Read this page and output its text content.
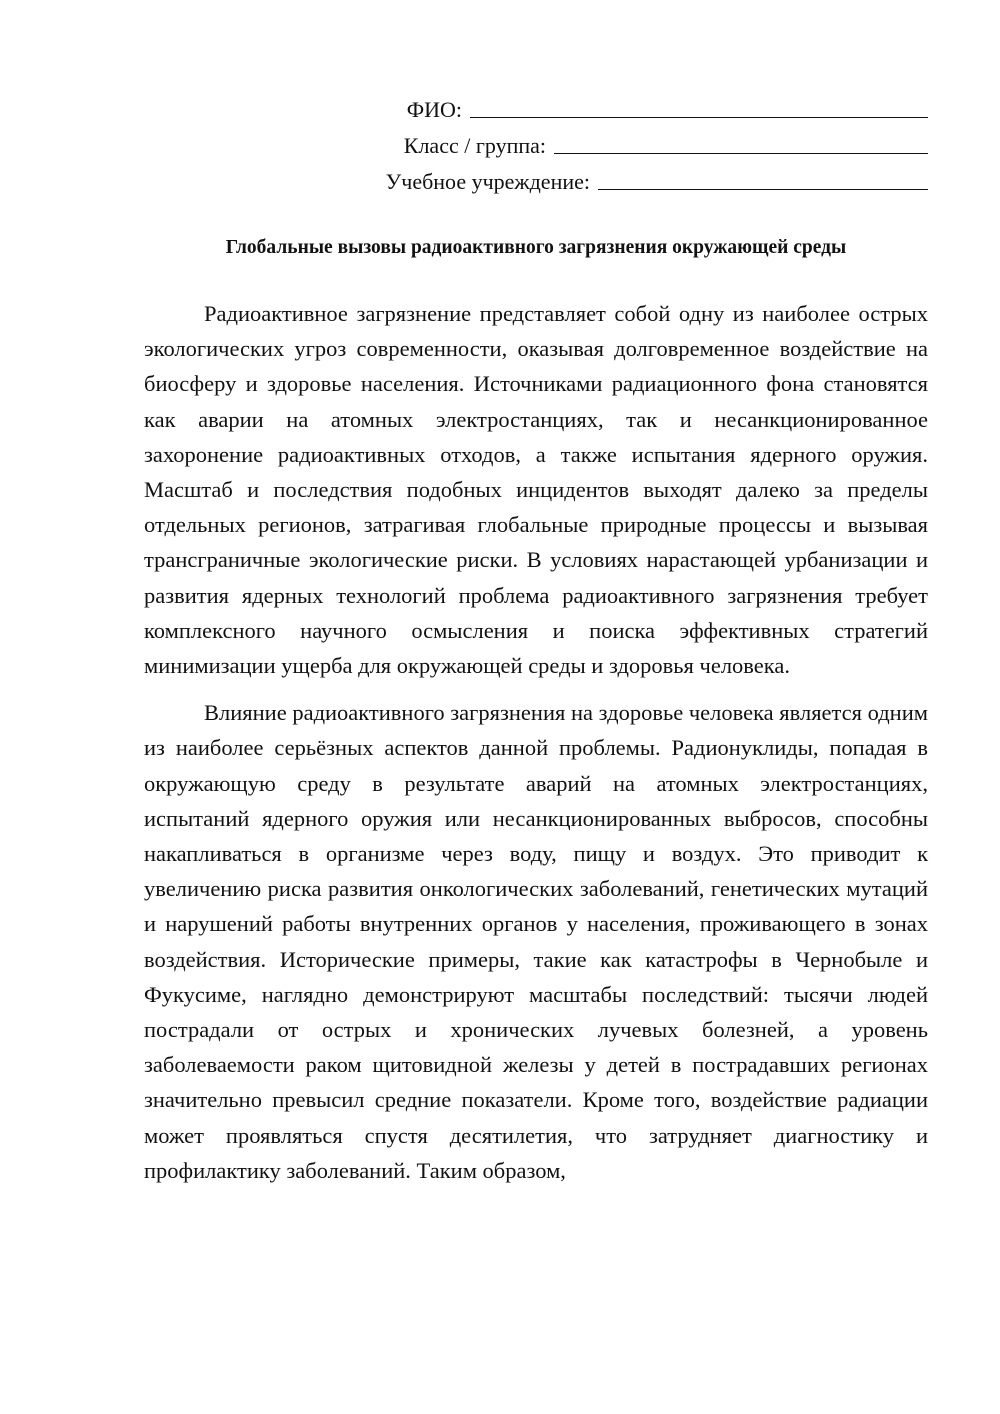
ФИО:
Класс / группа:
Учебное учреждение:
Глобальные вызовы радиоактивного загрязнения окружающей среды

Радиоактивное загрязнение представляет собой одну из наиболее острых экологических угроз современности, оказывая долговременное воздействие на биосферу и здоровье населения. Источниками радиационного фона становятся как аварии на атомных электростанциях, так и несанкционированное захоронение радиоактивных отходов, а также испытания ядерного оружия. Масштаб и последствия подобных инцидентов выходят далеко за пределы отдельных регионов, затрагивая глобальные природные процессы и вызывая трансграничные экологические риски. В условиях нарастающей урбанизации и развития ядерных технологий проблема радиоактивного загрязнения требует комплексного научного осмысления и поиска эффективных стратегий минимизации ущерба для окружающей среды и здоровья человека.

Влияние радиоактивного загрязнения на здоровье человека является одним из наиболее серьёзных аспектов данной проблемы. Радионуклиды, попадая в окружающую среду в результате аварий на атомных электростанциях, испытаний ядерного оружия или несанкционированных выбросов, способны накапливаться в организме через воду, пищу и воздух. Это приводит к увеличению риска развития онкологических заболеваний, генетических мутаций и нарушений работы внутренних органов у населения, проживающего в зонах воздействия. Исторические примеры, такие как катастрофы в Чернобыле и Фукусиме, наглядно демонстрируют масштабы последствий: тысячи людей пострадали от острых и хронических лучевых болезней, а уровень заболеваемости раком щитовидной железы у детей в пострадавших регионах значительно превысил средние показатели. Кроме того, воздействие радиации может проявляться спустя десятилетия, что затрудняет диагностику и профилактику заболеваний. Таким образом,
